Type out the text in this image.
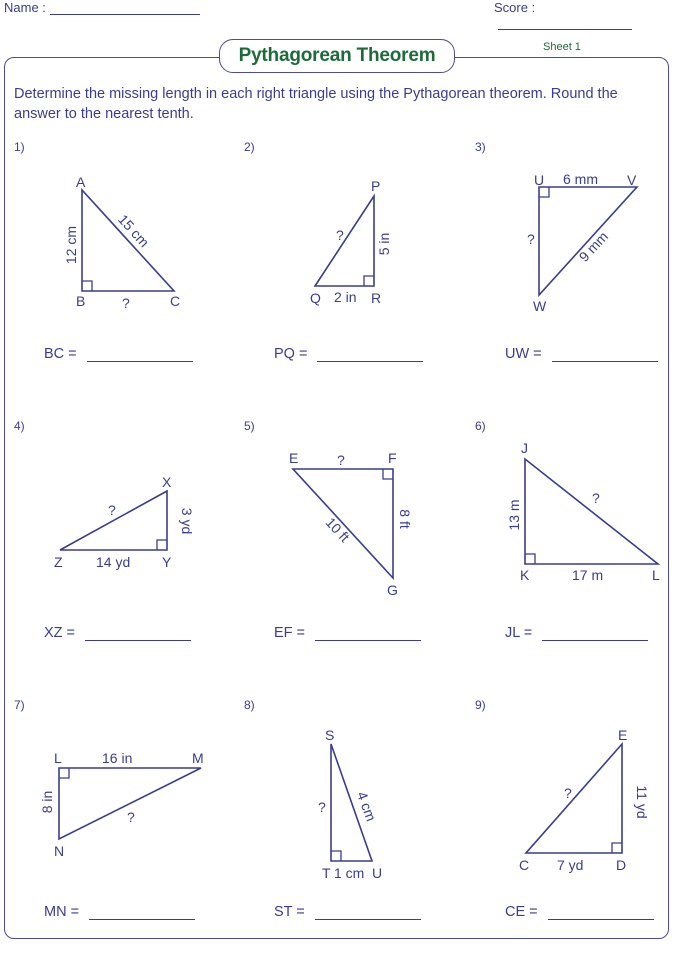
Name :	Score :
Pythagorean Theorem	Sheet 1
Determine the missing length in each right triangle using the Pythagorean theorem. Round the answer to the nearest tenth.
1)
A
B	C
12 cm	15 cm
?
BC =
2)
P
Q	R
5 in
2 in
?
PQ =
3)
U	V
W
6 mm
9 mm
?
UW =
4)
X
Y
Z
3 yd
14 yd
?
XZ =
5)
E	F
G
8 ft
10 ft
?
EF =
6)
J
K	L
13 m
17 m
?
JL =
7)
L	M
N
16 in
8 in
?
MN =
8)
S
T	U
4 cm
1 cm
?
ST =
9)
E
C	D
11 yd
7 yd
?
CE =
